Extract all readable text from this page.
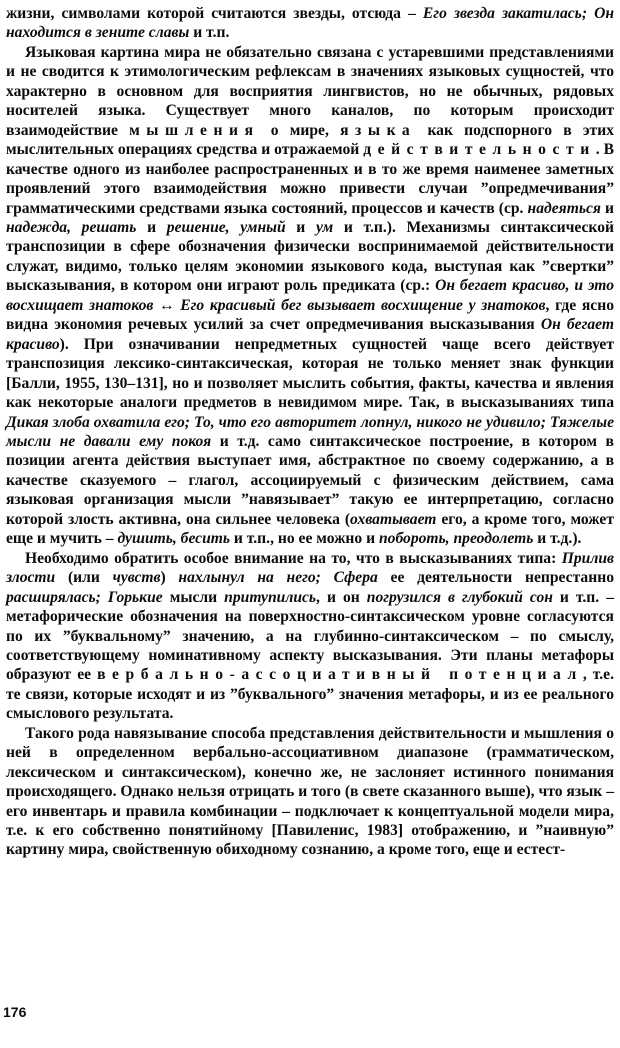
жизни, символами которой считаются звезды, отсюда – Его звезда закатилась; Он находится в зените славы и т.п.

Языковая картина мира не обязательно связана с устаревшими представлениями и не сводится к этимологическим рефлексам в значениях языковых сущностей, что характерно в основном для восприятия лингвистов, но не обычных, рядовых носителей языка. Существует много каналов, по которым происходит взаимодействие мышления о мире, языка как подспорного в этих мыслительных операциях средства и отражаемой действительности. В качестве одного из наиболее распространенных и в то же время наименее заметных проявлений этого взаимодействия можно привести случаи ”опредмечивания” грамматическими средствами языка состояний, процессов и качеств (ср. надеяться и надежда, решать и решение, умный и ум и т.п.). Механизмы синтаксической транспозиции в сфере обозначения физически воспринимаемой действительности служат, видимо, только целям экономии языкового кода, выступая как ”свертки” высказывания, в котором они играют роль предиката (ср.: Он бегает красиво, и это восхищает знатоков ↔ Его красивый бег вызывает восхищение у знатоков, где ясно видна экономия речевых усилий за счет опредмечивания высказывания Он бегает красиво). При означивании непредметных сущностей чаще всего действует транспозиция лексико-синтаксическая, которая не только меняет знак функции [Балли, 1955, 130–131], но и позволяет мыслить события, факты, качества и явления как некоторые аналоги предметов в невидимом мире. Так, в высказываниях типа Дикая злоба охватила его; То, что его авторитет лопнул, никого не удивило; Тяжелые мысли не давали ему покоя и т.д. само синтаксическое построение, в котором в позиции агента действия выступает имя, абстрактное по своему содержанию, а в качестве сказуемого – глагол, ассоциируемый с физическим действием, сама языковая организация мысли ”навязывает” такую ее интерпретацию, согласно которой злость активна, она сильнее человека (охватывает его, а кроме того, может еще и мучить – душить, бесить и т.п., но ее можно и побороть, преодолеть и т.д.).

Необходимо обратить особое внимание на то, что в высказываниях типа: Прилив злости (или чувств) нахлынул на него; Сфера ее деятельности непрестанно расширялась; Горькие мысли притупились, и он погрузился в глубокий сон и т.п. – метафорические обозначения на поверхностно-синтаксическом уровне согласуются по их ”буквальному” значению, а на глубинно-синтаксическом – по смыслу, соответствующему номинативному аспекту высказывания. Эти планы метафоры образуют ее вербально-ассоциативный потенциал, т.е. те связи, которые исходят и из ”буквального” значения метафоры, и из ее реального смыслового результата.

Такого рода навязывание способа представления действительности и мышления о ней в определенном вербально-ассоциативном диапазоне (грамматическом, лексическом и синтаксическом), конечно же, не заслоняет истинного понимания происходящего. Однако нельзя отрицать и того (в свете сказанного выше), что язык – его инвентарь и правила комбинации – подключает к концептуальной модели мира, т.е. к его собственно понятийному [Павиленис, 1983] отображению, и ”наивную” картину мира, свойственную обиходному сознанию, а кроме того, еще и естест-

176
